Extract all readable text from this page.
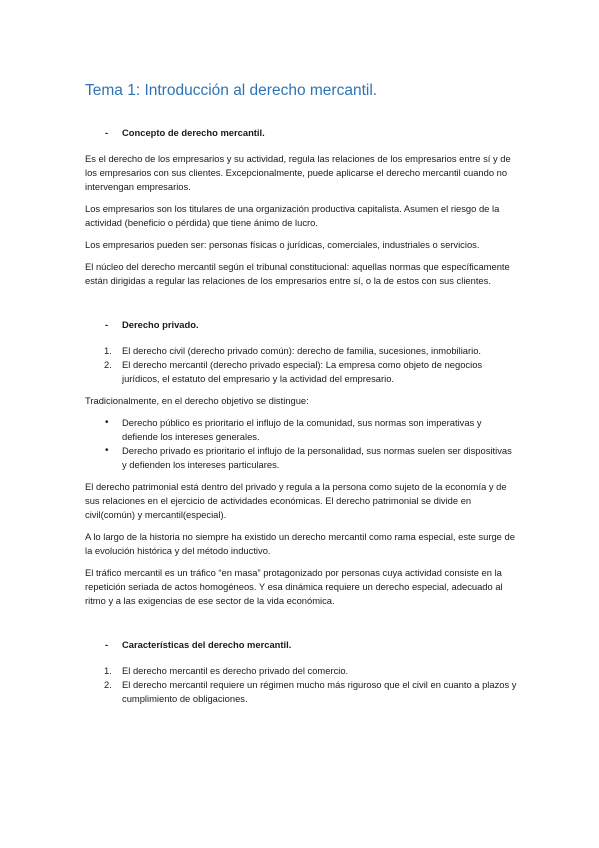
Tema 1: Introducción al derecho mercantil.
- Concepto de derecho mercantil.

Es el derecho de los empresarios y su actividad, regula las relaciones de los empresarios entre sí y de los empresarios con sus clientes. Excepcionalmente, puede aplicarse el derecho mercantil cuando no intervengan empresarios.

Los empresarios son los titulares de una organización productiva capitalista. Asumen el riesgo de la actividad (beneficio o pérdida) que tiene ánimo de lucro.

Los empresarios pueden ser: personas físicas o jurídicas, comerciales, industriales o servicios.

El núcleo del derecho mercantil según el tribunal constitucional: aquellas normas que específicamente están dirigidas a regular las relaciones de los empresarios entre sí, o la de estos con sus clientes.

- Derecho privado.
1. El derecho civil (derecho privado común): derecho de familia, sucesiones, inmobiliario.
2. El derecho mercantil (derecho privado especial): La empresa como objeto de negocios jurídicos, el estatuto del empresario y la actividad del empresario.

Tradicionalmente, en el derecho objetivo se distingue:

• Derecho público es prioritario el influjo de la comunidad, sus normas son imperativas y defiende los intereses generales.
• Derecho privado es prioritario el influjo de la personalidad, sus normas suelen ser dispositivas y defienden los intereses particulares.

El derecho patrimonial está dentro del privado y regula a la persona como sujeto de la economía y de sus relaciones en el ejercicio de actividades económicas. El derecho patrimonial se divide en civil(común) y mercantil(especial).

A lo largo de la historia no siempre ha existido un derecho mercantil como rama especial, este surge de la evolución histórica y del método inductivo.

El tráfico mercantil es un tráfico “en masa” protagonizado por personas cuya actividad consiste en la repetición seriada de actos homogéneos. Y esa dinámica requiere un derecho especial, adecuado al ritmo y a las exigencias de ese sector de la vida económica.

- Características del derecho mercantil.
1. El derecho mercantil es derecho privado del comercio.
2. El derecho mercantil requiere un régimen mucho más riguroso que el civil en cuanto a plazos y cumplimiento de obligaciones.
